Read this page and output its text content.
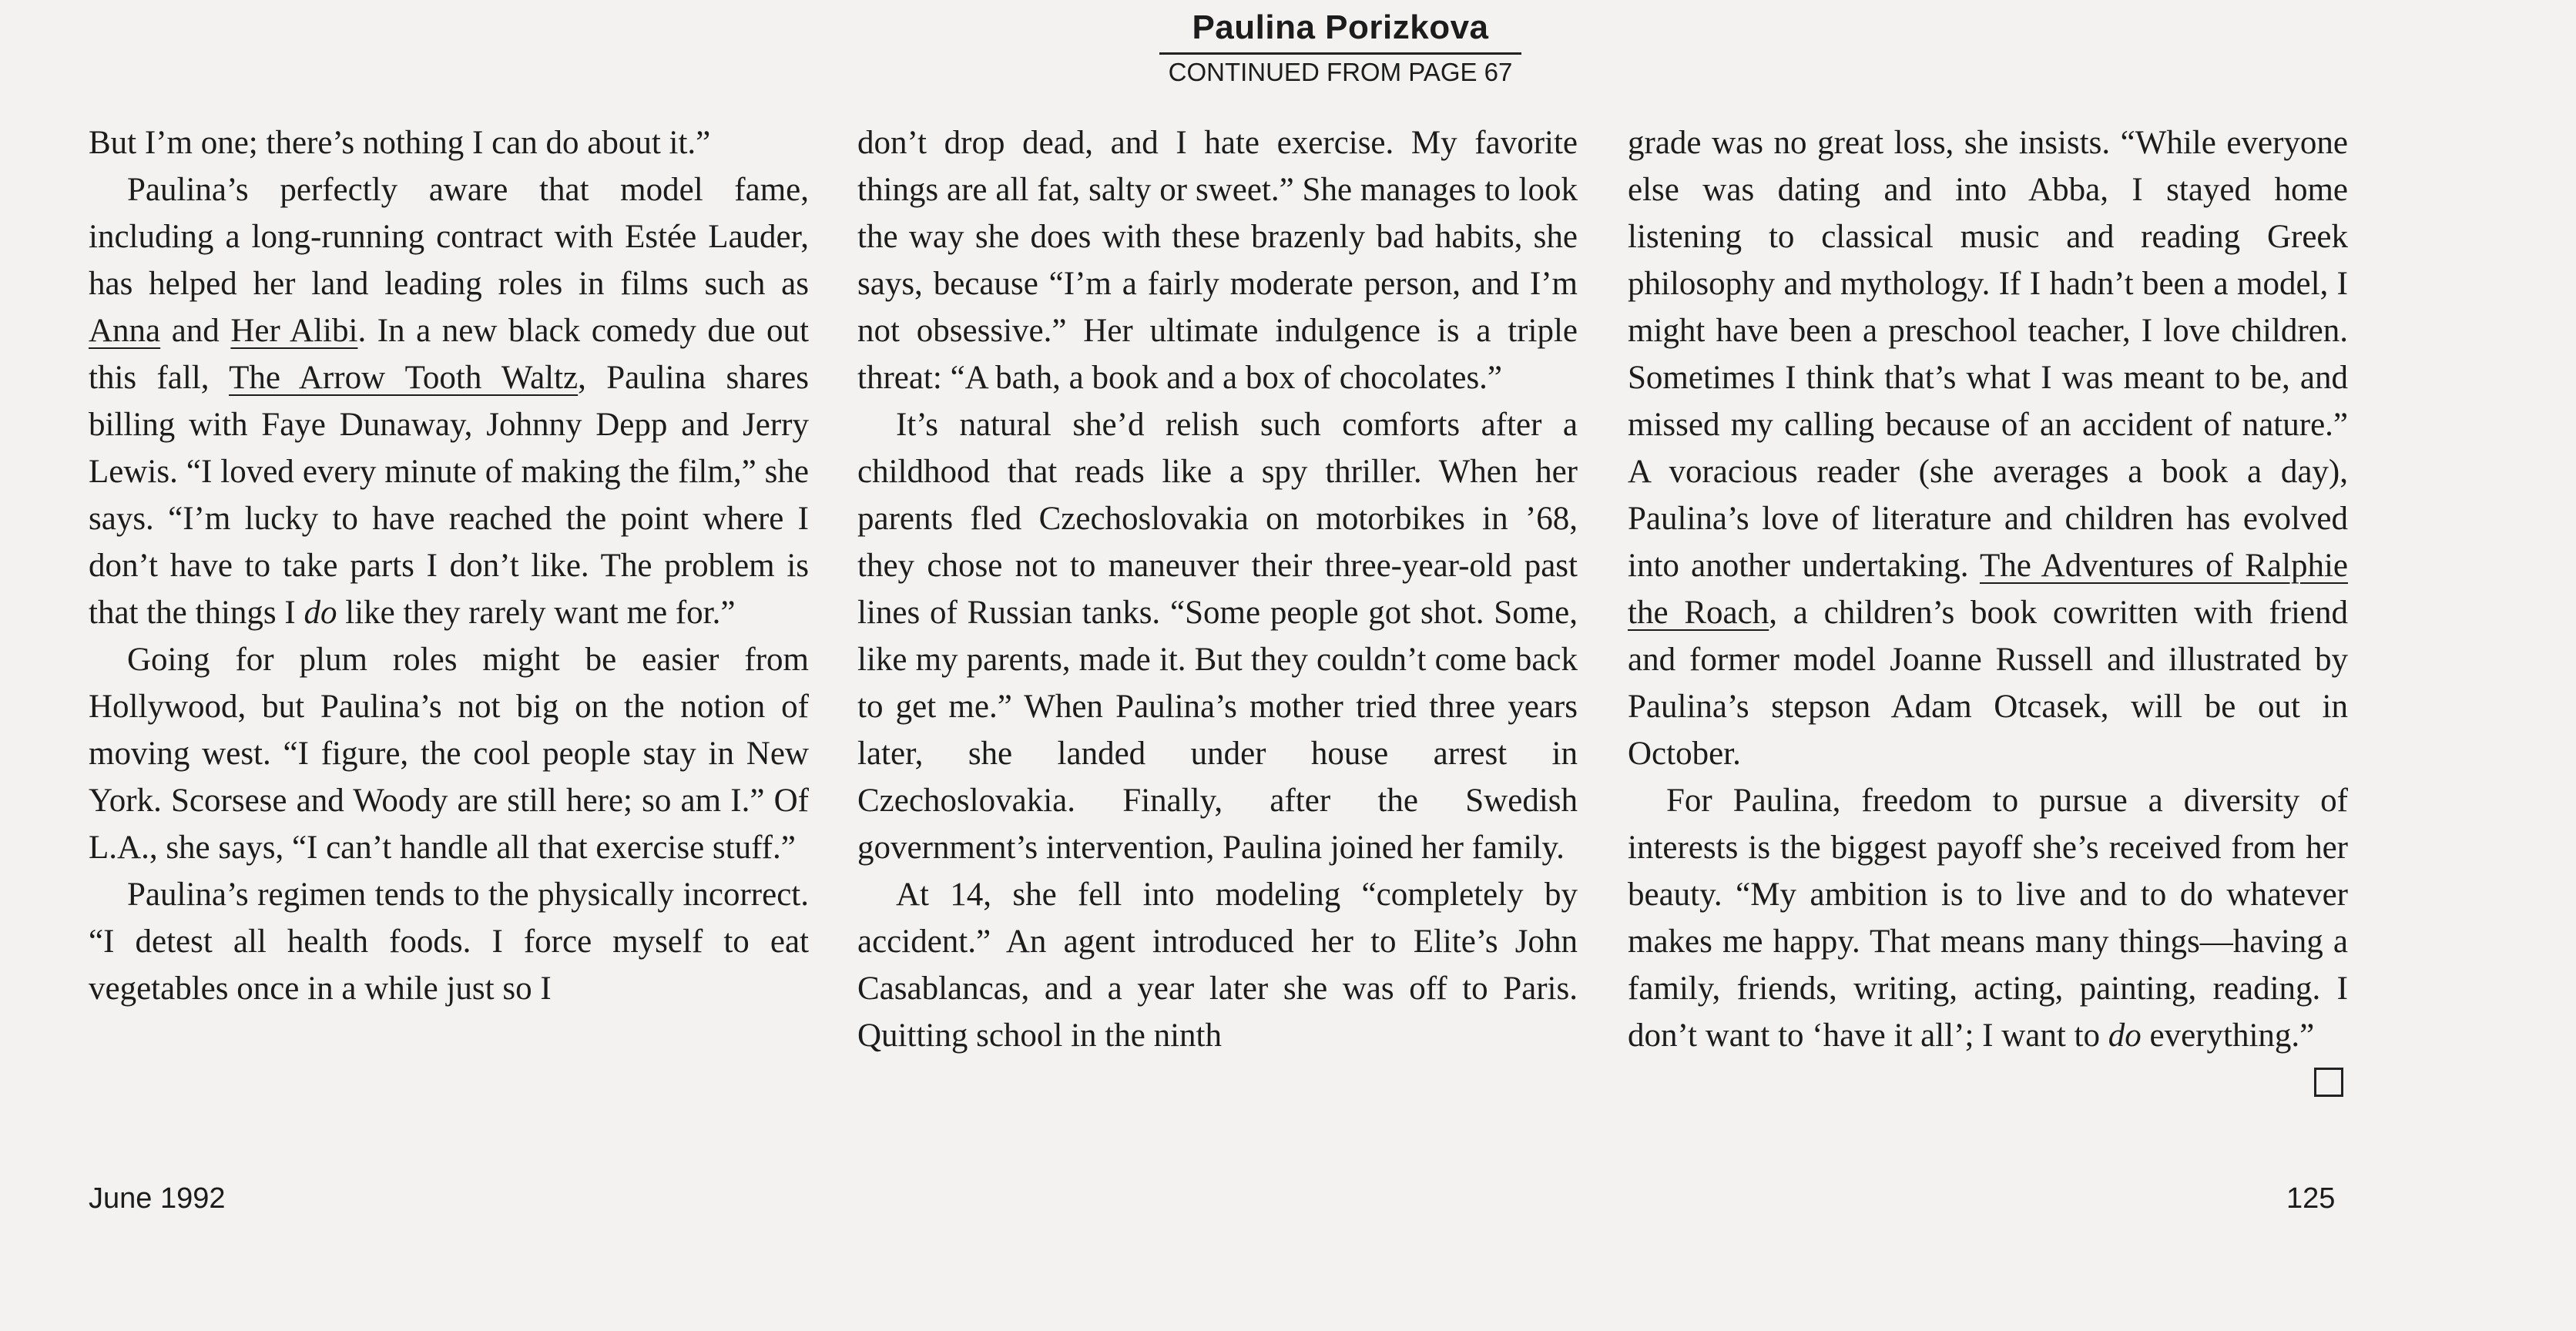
Paulina Porizkova
CONTINUED FROM PAGE 67

But I’m one; there’s nothing I can do about it.”

Paulina’s perfectly aware that model fame, including a long-running contract with Estée Lauder, has helped her land leading roles in films such as Anna and Her Alibi. In a new black comedy due out this fall, The Arrow Tooth Waltz, Paulina shares billing with Faye Dunaway, Johnny Depp and Jerry Lewis. “I loved every minute of making the film,” she says. “I’m lucky to have reached the point where I don’t have to take parts I don’t like. The problem is that the things I do like they rarely want me for.”

Going for plum roles might be easier from Hollywood, but Paulina’s not big on the notion of moving west. “I figure, the cool people stay in New York. Scorsese and Woody are still here; so am I.” Of L.A., she says, “I can’t handle all that exercise stuff.”

Paulina’s regimen tends to the physically incorrect. “I detest all health foods. I force myself to eat vegetables once in a while just so I

don’t drop dead, and I hate exercise. My favorite things are all fat, salty or sweet.” She manages to look the way she does with these brazenly bad habits, she says, because “I’m a fairly moderate person, and I’m not obsessive.” Her ultimate indulgence is a triple threat: “A bath, a book and a box of chocolates.”

It’s natural she’d relish such comforts after a childhood that reads like a spy thriller. When her parents fled Czechoslovakia on motorbikes in ’68, they chose not to maneuver their three-year-old past lines of Russian tanks. “Some people got shot. Some, like my parents, made it. But they couldn’t come back to get me.” When Paulina’s mother tried three years later, she landed under house arrest in Czechoslovakia. Finally, after the Swedish government’s intervention, Paulina joined her family.

At 14, she fell into modeling “completely by accident.” An agent introduced her to Elite’s John Casablancas, and a year later she was off to Paris. Quitting school in the ninth

grade was no great loss, she insists. “While everyone else was dating and into Abba, I stayed home listening to classical music and reading Greek philosophy and mythology. If I hadn’t been a model, I might have been a preschool teacher, I love children. Sometimes I think that’s what I was meant to be, and missed my calling because of an accident of nature.” A voracious reader (she averages a book a day), Paulina’s love of literature and children has evolved into another undertaking. The Adventures of Ralphie the Roach, a children’s book cowritten with friend and former model Joanne Russell and illustrated by Paulina’s stepson Adam Otcasek, will be out in October.

For Paulina, freedom to pursue a diversity of interests is the biggest payoff she’s received from her beauty. “My ambition is to live and to do whatever makes me happy. That means many things—having a family, friends, writing, acting, painting, reading. I don’t want to ‘have it all’; I want to do everything.”

June 1992	125
